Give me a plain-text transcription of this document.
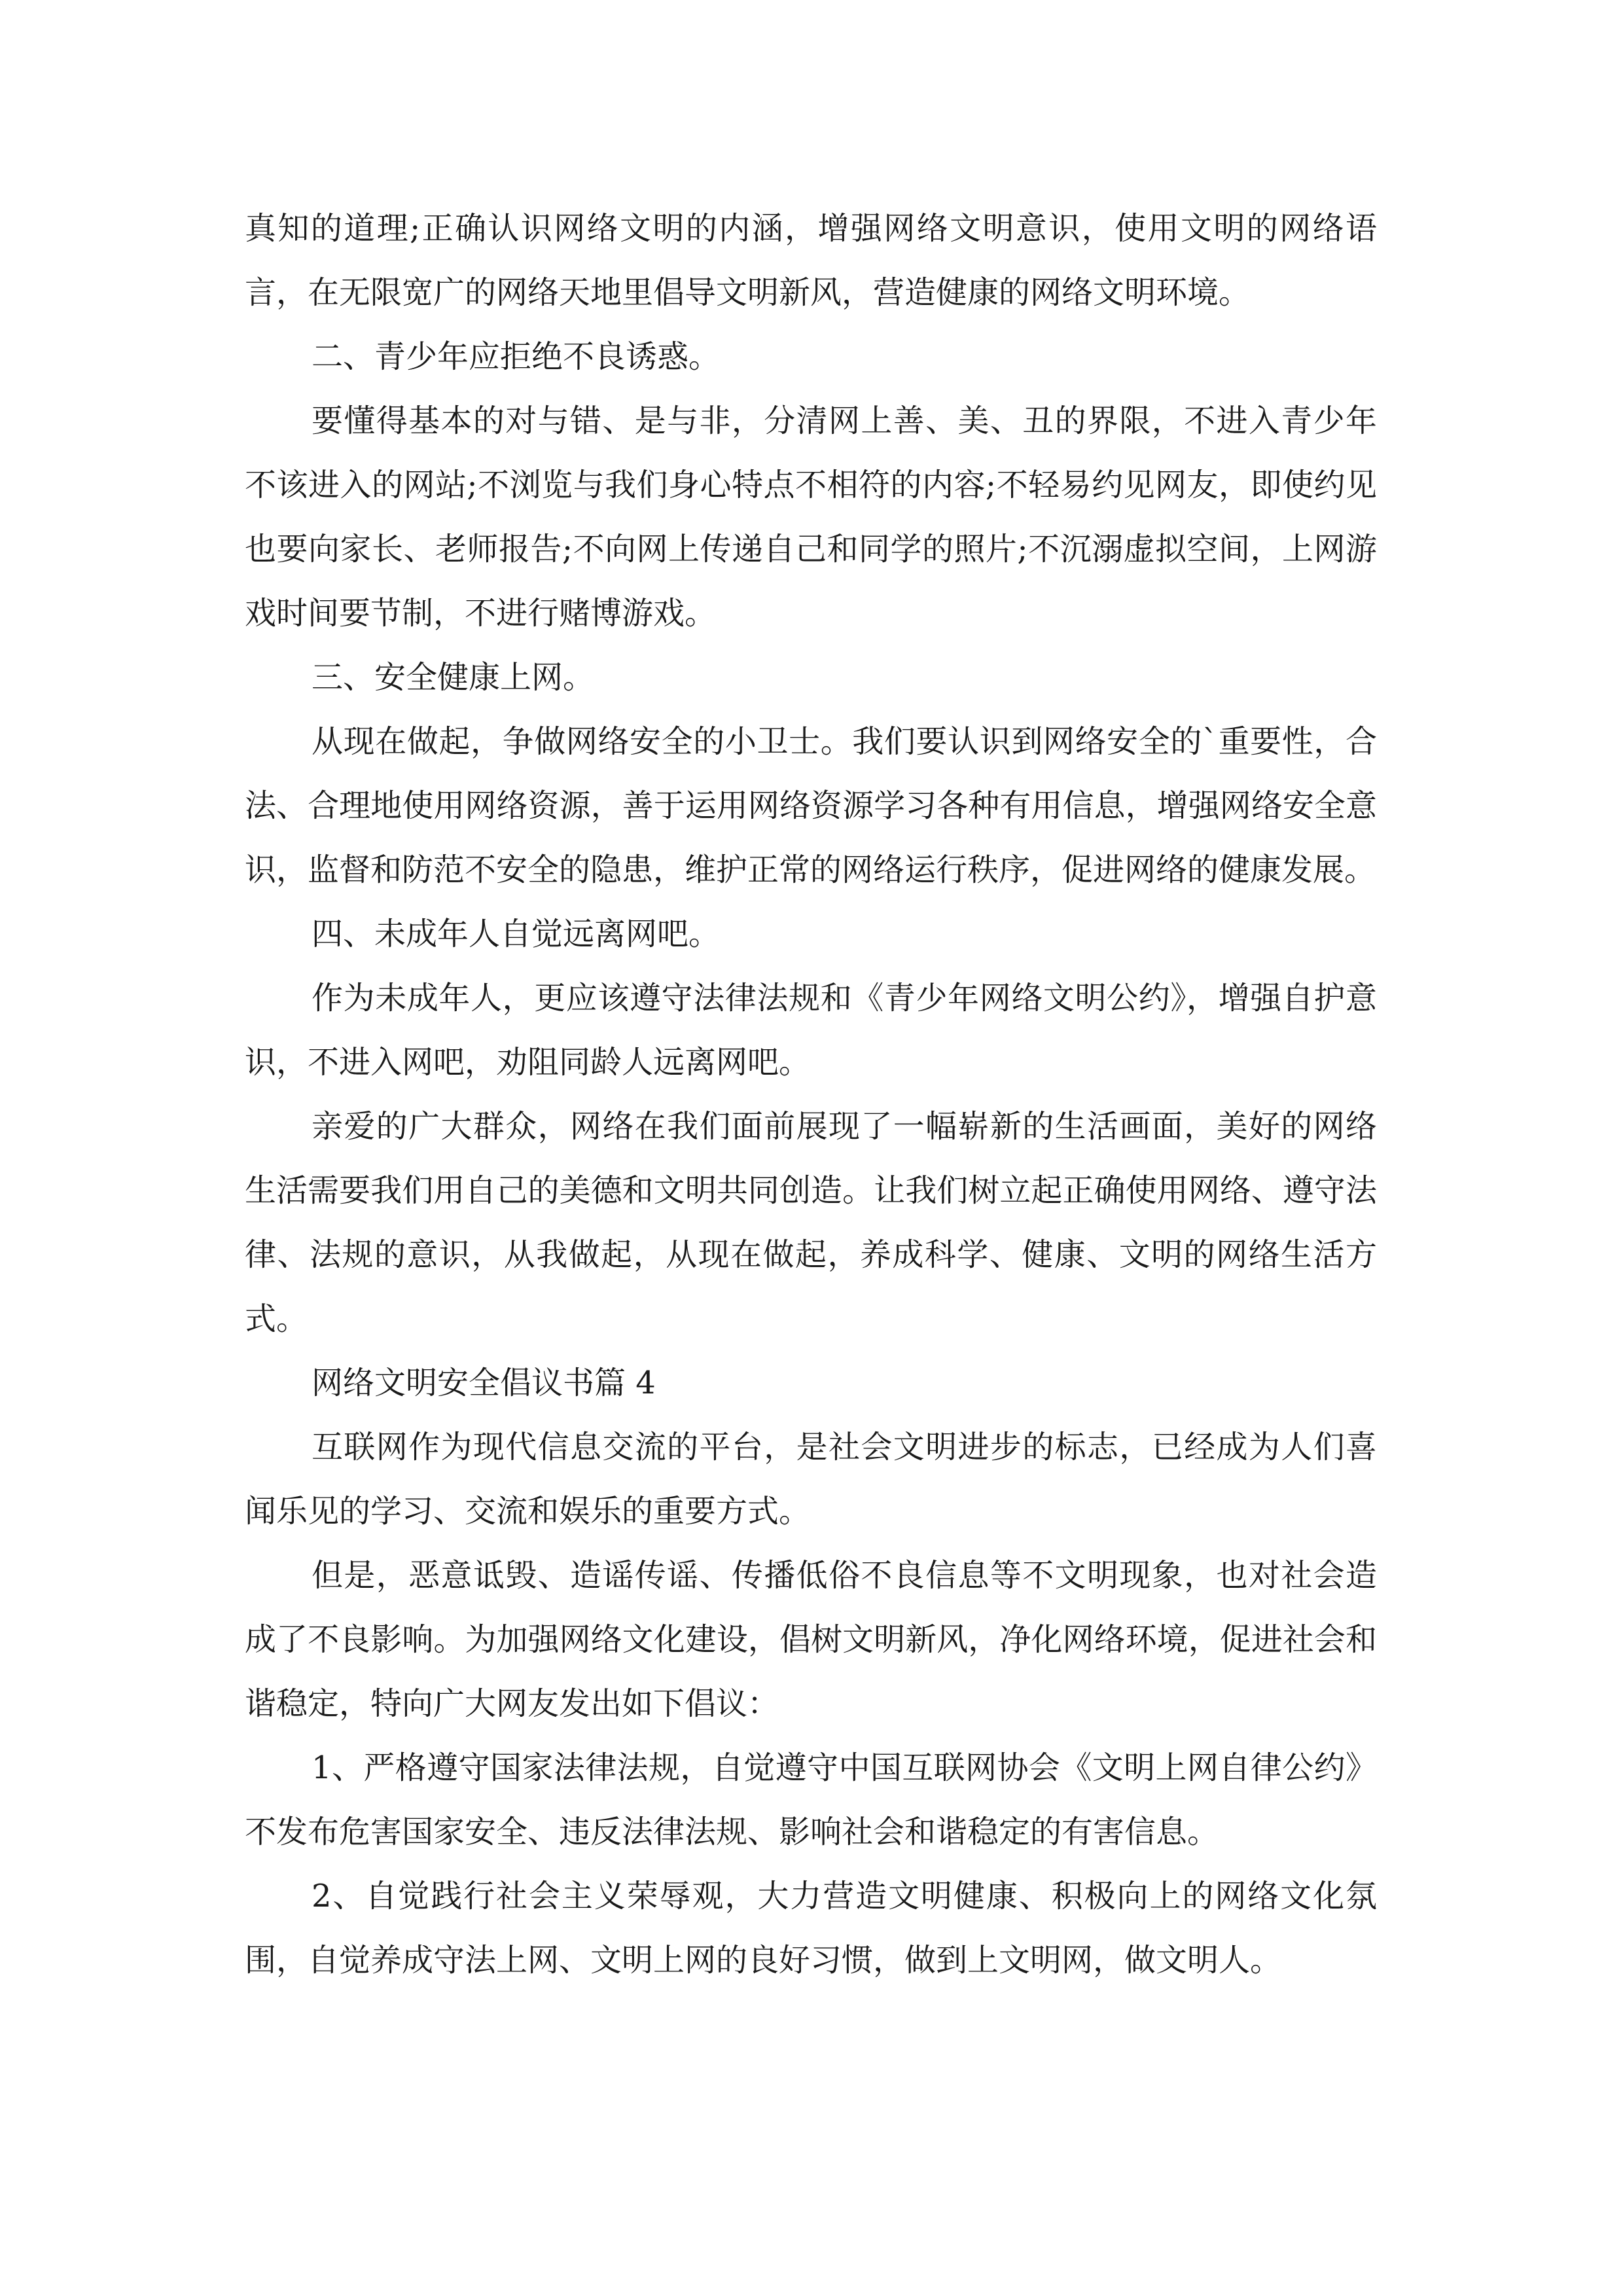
真知的道理;正确认识网络文明的内涵，增强网络文明意识，使用文明的网络语言，在无限宽广的网络天地里倡导文明新风，营造健康的网络文明环境。

二、青少年应拒绝不良诱惑。

要懂得基本的对与错、是与非，分清网上善、美、丑的界限，不进入青少年不该进入的网站;不浏览与我们身心特点不相符的内容;不轻易约见网友，即使约见也要向家长、老师报告;不向网上传递自己和同学的照片;不沉溺虚拟空间，上网游戏时间要节制，不进行赌博游戏。

三、安全健康上网。

从现在做起，争做网络安全的小卫士。我们要认识到网络安全的`重要性，合法、合理地使用网络资源，善于运用网络资源学习各种有用信息，增强网络安全意识，监督和防范不安全的隐患，维护正常的网络运行秩序，促进网络的健康发展。

四、未成年人自觉远离网吧。

作为未成年人，更应该遵守法律法规和《青少年网络文明公约》，增强自护意识，不进入网吧，劝阻同龄人远离网吧。

亲爱的广大群众，网络在我们面前展现了一幅崭新的生活画面，美好的网络生活需要我们用自己的美德和文明共同创造。让我们树立起正确使用网络、遵守法律、法规的意识，从我做起，从现在做起，养成科学、健康、文明的网络生活方式。

网络文明安全倡议书篇 4

互联网作为现代信息交流的平台，是社会文明进步的标志，已经成为人们喜闻乐见的学习、交流和娱乐的重要方式。

但是，恶意诋毁、造谣传谣、传播低俗不良信息等不文明现象，也对社会造成了不良影响。为加强网络文化建设，倡树文明新风，净化网络环境，促进社会和谐稳定，特向广大网友发出如下倡议：

1、严格遵守国家法律法规，自觉遵守中国互联网协会《文明上网自律公约》不发布危害国家安全、违反法律法规、影响社会和谐稳定的有害信息。

2、自觉践行社会主义荣辱观，大力营造文明健康、积极向上的网络文化氛围，自觉养成守法上网、文明上网的良好习惯，做到上文明网，做文明人。
